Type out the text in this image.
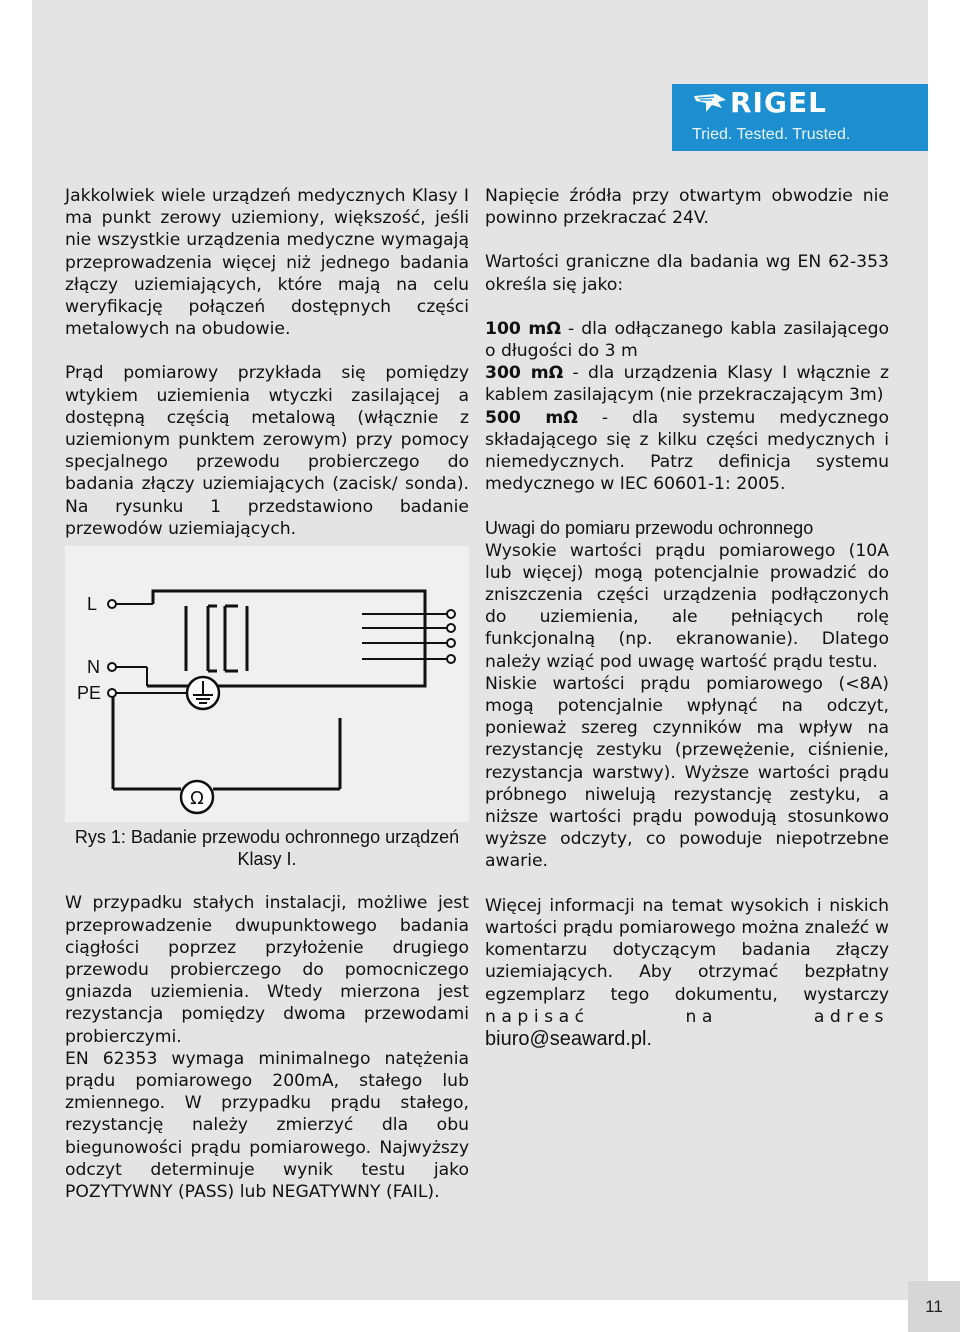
RIGEL
Tried. Tested. Trusted.

Jakkolwiek wiele urządzeń medycznych Klasy I ma punkt zerowy uziemiony, większość, jeśli nie wszystkie urządzenia medyczne wymagają przeprowadzenia więcej niż jednego badania złączy uziemiających, które mają na celu weryfikację połączeń dostępnych części metalowych na obudowie.

Prąd pomiarowy przykłada się pomiędzy wtykiem uziemienia wtyczki zasilającej a dostępną częścią metalową (włącznie z uziemionym punktem zerowym) przy pomocy specjalnego przewodu probierczego do badania złączy uziemiających (zacisk/ sonda). Na rysunku 1 przedstawiono badanie przewodów uziemiających.

Ω
L
N
PE

Rys 1: Badanie przewodu ochronnego urządzeń Klasy I.

W przypadku stałych instalacji, możliwe jest przeprowadzenie dwupunktowego badania ciągłości poprzez przyłożenie drugiego przewodu probierczego do pomocniczego gniazda uziemienia. Wtedy mierzona jest rezystancja pomiędzy dwoma przewodami probierczymi.

EN 62353 wymaga minimalnego natężenia prądu pomiarowego 200mA, stałego lub zmiennego. W przypadku prądu stałego, rezystancję należy zmierzyć dla obu biegunowości prądu pomiarowego. Najwyższy odczyt determinuje wynik testu jako POZYTYWNY (PASS) lub NEGATYWNY (FAIL).

Napięcie źródła przy otwartym obwodzie nie powinno przekraczać 24V.

Wartości graniczne dla badania wg EN 62-353 określa się jako:

100 mΩ - dla odłączanego kabla zasilającego o długości do 3 m

300 mΩ - dla urządzenia Klasy I włącznie z kablem zasilającym (nie przekraczającym 3m)

500 mΩ - dla systemu medycznego składającego się z kilku części medycznych i niemedycznych. Patrz definicja systemu medycznego w IEC 60601-1: 2005.

Uwagi do pomiaru przewodu ochronnego

Wysokie wartości prądu pomiarowego (10A lub więcej) mogą potencjalnie prowadzić do zniszczenia części urządzenia podłączonych do uziemienia, ale pełniących rolę funkcjonalną (np. ekranowanie). Dlatego należy wziąć pod uwagę wartość prądu testu.

Niskie wartości prądu pomiarowego (<8A) mogą potencjalnie wpłynąć na odczyt, ponieważ szereg czynników ma wpływ na rezystancję zestyku (przewężenie, ciśnienie, rezystancja warstwy). Wyższe wartości prądu próbnego niwelują rezystancję zestyku, a niższe wartości prądu powodują stosunkowo wyższe odczyty, co powoduje niepotrzebne awarie.

Więcej informacji na temat wysokich i niskich wartości prądu pomiarowego można znaleźć w komentarzu dotyczącym badania złączy uziemiających. Aby otrzymać bezpłatny egzemplarz tego dokumentu, wystarczy napisać na adres biuro@seaward.pl.

11
